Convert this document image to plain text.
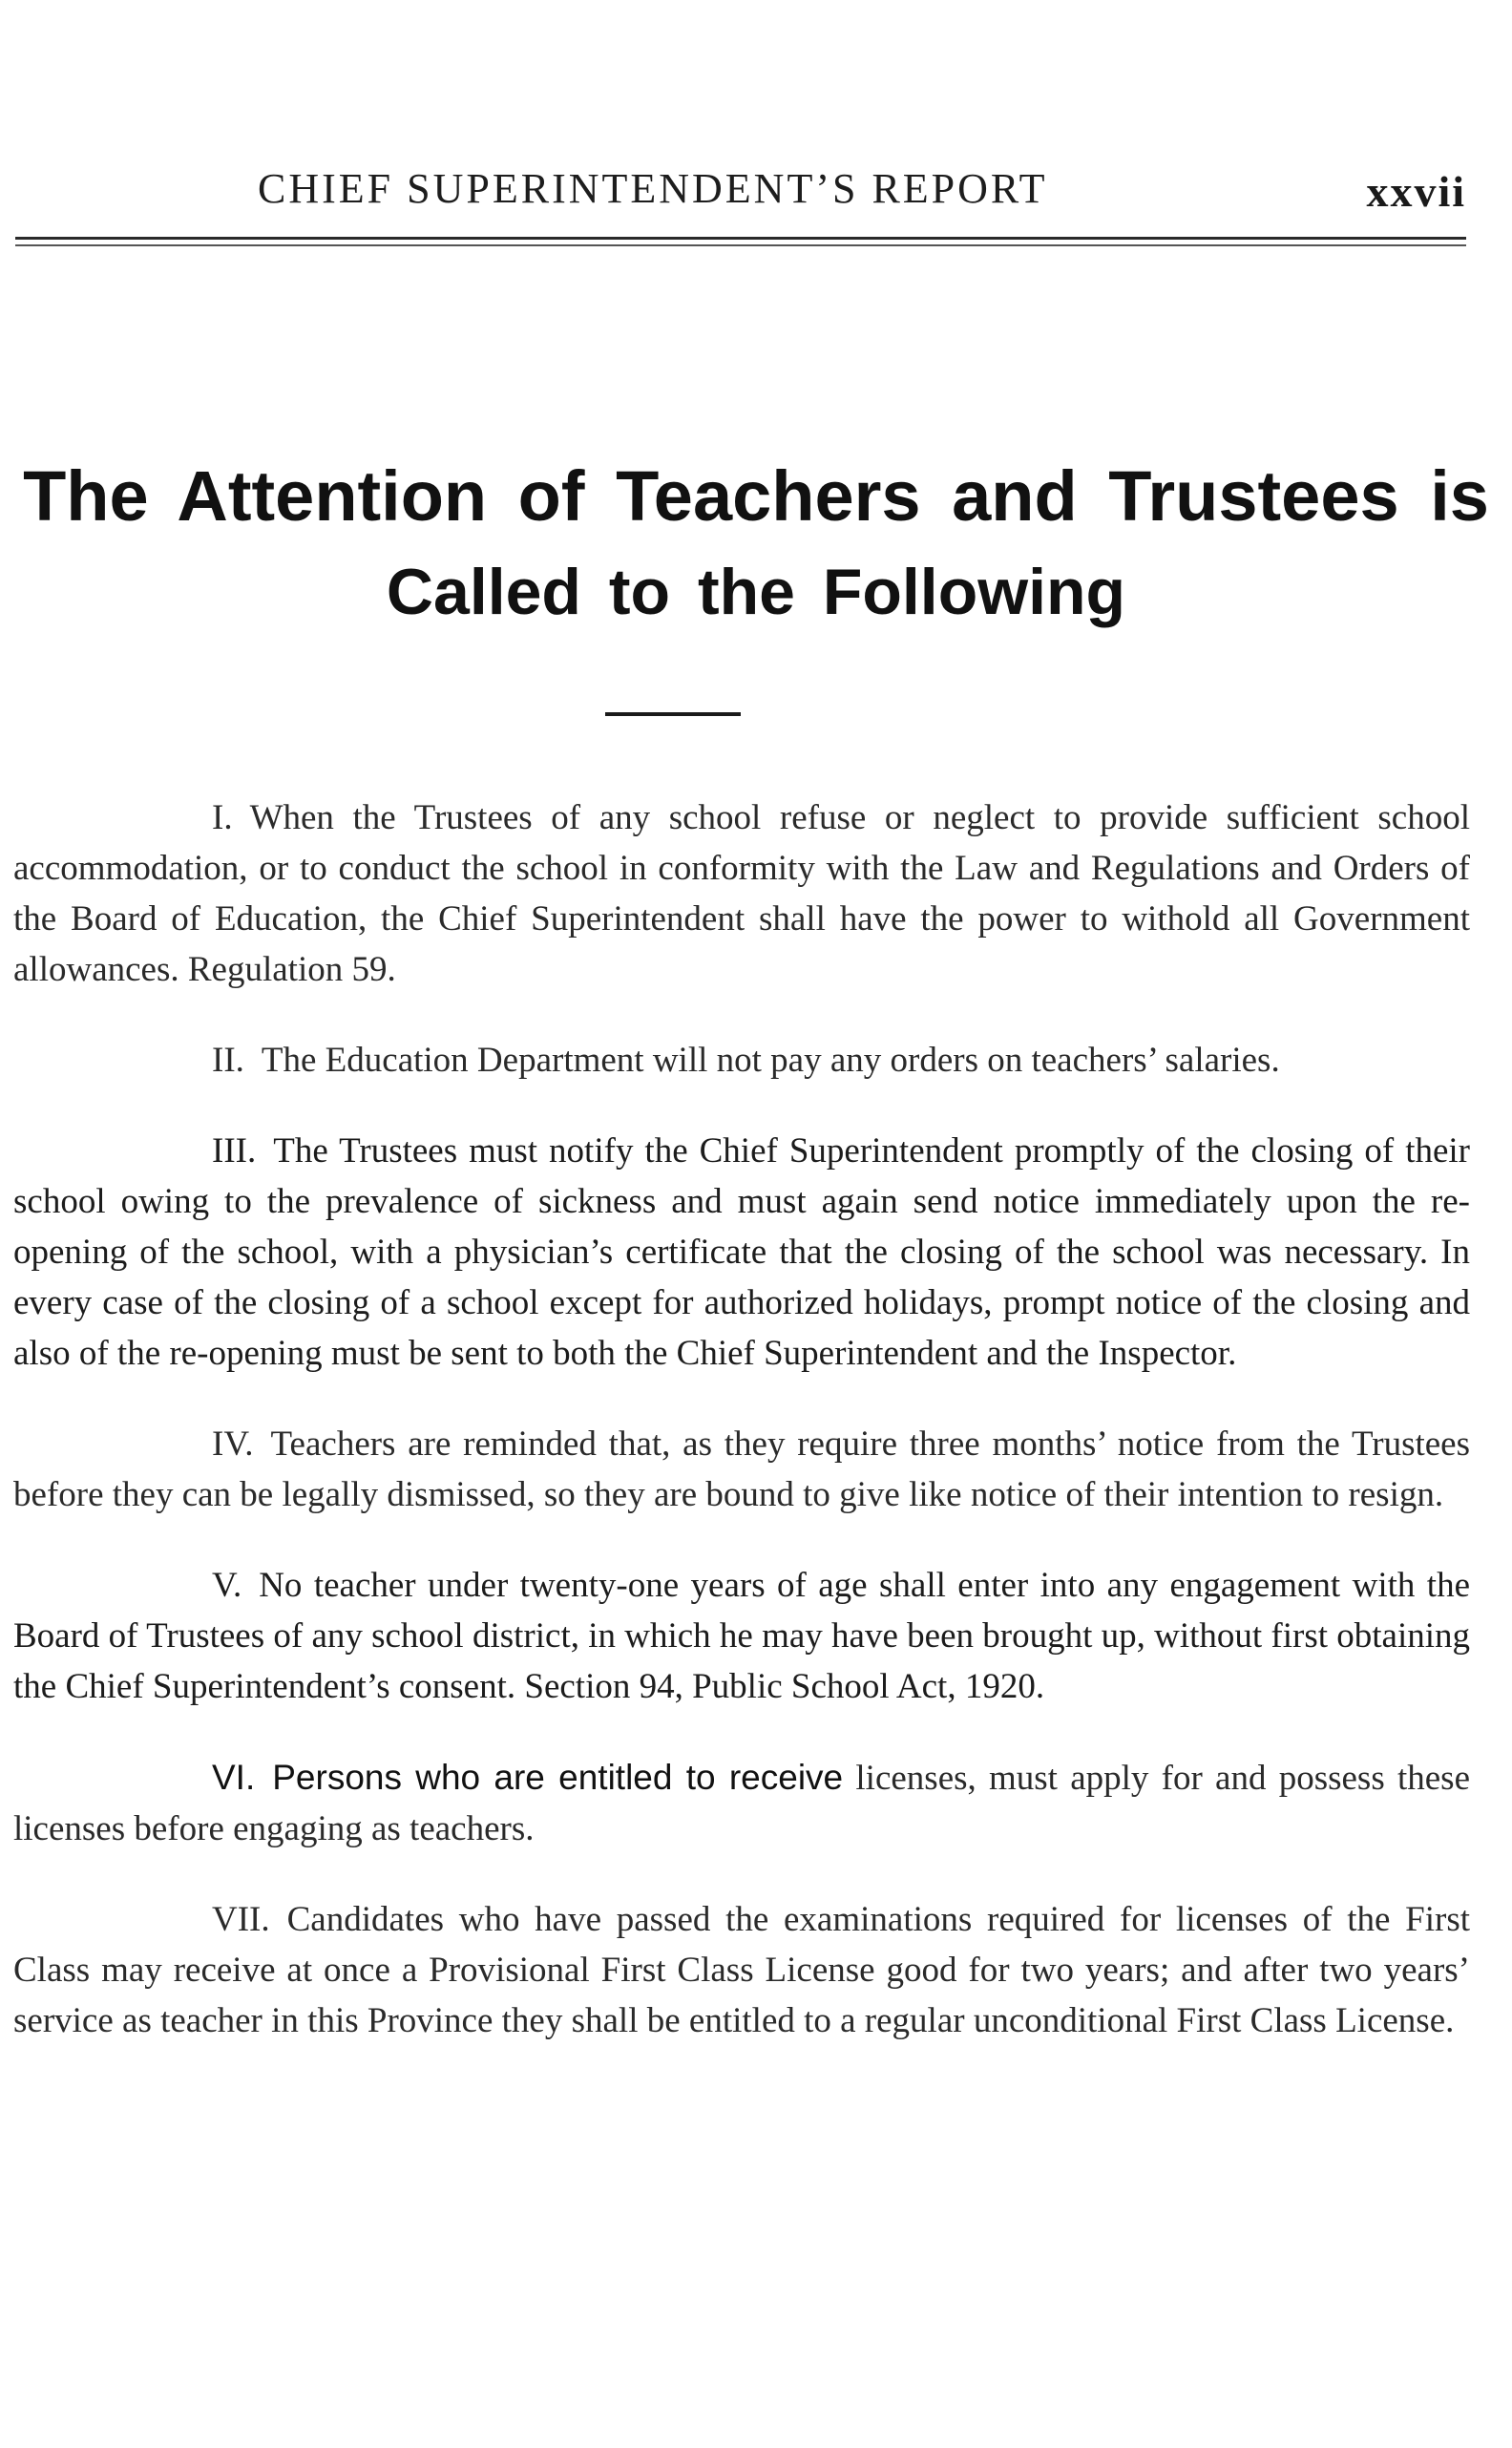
CHIEF SUPERINTENDENT’S REPORT	xxvii
The Attention of Teachers and Trustees is
Called to the Following

I. When the Trustees of any school refuse or neglect to provide sufficient school accommodation, or to conduct the school in conformity with the Law and Regulations and Orders of the Board of Education, the Chief Superintendent shall have the power to withold all Government allowances. Regulation 59.

II. The Education Department will not pay any orders on teachers’ salaries.

III. The Trustees must notify the Chief Superintendent promptly of the closing of their school owing to the prevalence of sickness and must again send notice immediately upon the re-opening of the school, with a physician’s certificate that the closing of the school was necessary. In every case of the closing of a school except for authorized holidays, prompt notice of the closing and also of the re-opening must be sent to both the Chief Superintendent and the Inspector.

IV. Teachers are reminded that, as they require three months’ notice from the Trustees before they can be legally dismissed, so they are bound to give like notice of their intention to resign.

V. No teacher under twenty-one years of age shall enter into any engagement with the Board of Trustees of any school district, in which he may have been brought up, without first obtaining the Chief Superintendent’s consent. Section 94, Public School Act, 1920.

VI. Persons who are entitled to receive licenses, must apply for and possess these licenses before engaging as teachers.

VII. Candidates who have passed the examinations required for licenses of the First Class may receive at once a Provisional First Class License good for two years; and after two years’ service as teacher in this Province they shall be entitled to a regular unconditional First Class License.
